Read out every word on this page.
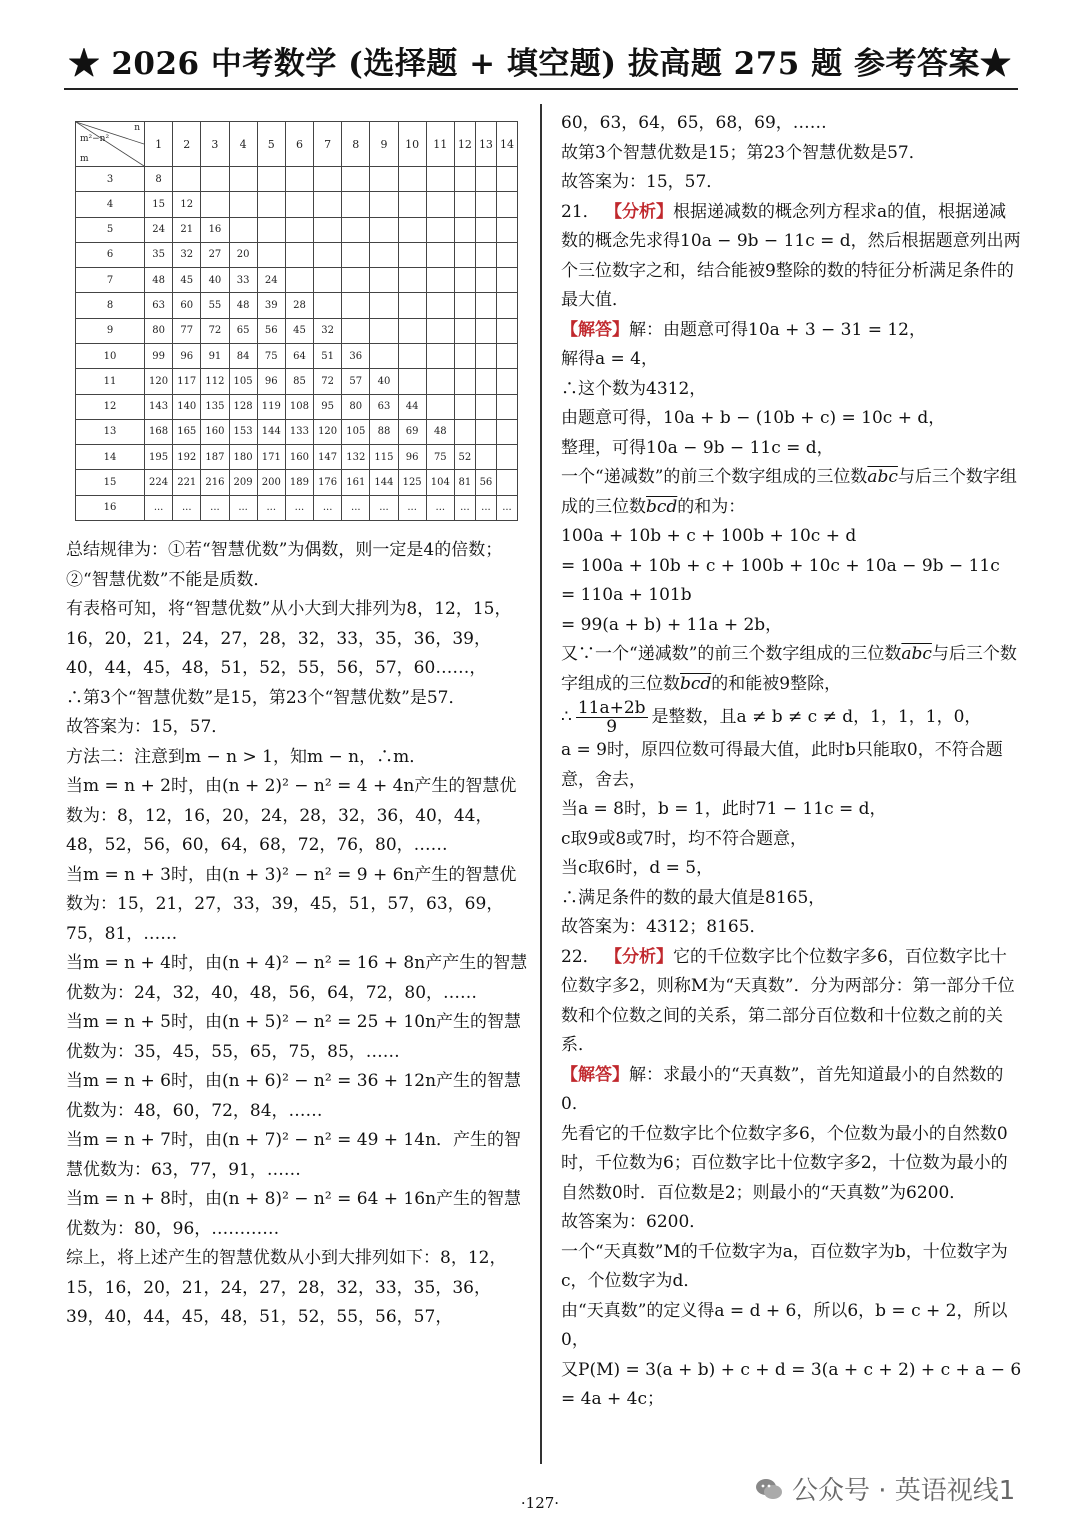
★ 2026 中考数学 (选择题 + 填空题) 拔高题 275 题 参考答案★
n
m²−n²
m	1	2	3	4	5	6	7	8	9	10	11	12	13	14
3	8													
4	15	12												
5	24	21	16											
6	35	32	27	20										
7	48	45	40	33	24									
8	63	60	55	48	39	28								
9	80	77	72	65	56	45	32							
10	99	96	91	84	75	64	51	36						
11	120	117	112	105	96	85	72	57	40					
12	143	140	135	128	119	108	95	80	63	44				
13	168	165	160	153	144	133	120	105	88	69	48			
14	195	192	187	180	171	160	147	132	115	96	75	52		
15	224	221	216	209	200	189	176	161	144	125	104	81	56	
16	...	...	...	...	...	...	...	...	...	...	...	...	...	...

总结规律为：①若“智慧优数”为偶数，则一定是4的倍数；

②“智慧优数”不能是质数．

有表格可知，将“智慧优数”从小大到大排列为8，12，15，16，20，21，24，27，28，32，33，35，36，39，40，44，45，48，51，52，55，56，57，60……，

∴第3个“智慧优数”是15，第23个“智慧优数”是57．

故答案为：15，57．

方法二：注意到m − n > 1，知m − n，∴m．

当m = n + 2时，由(n + 2)² − n² = 4 + 4n产生的智慧优数为：8，12，16，20，24，28，32，36，40，44，48，52，56，60，64，68，72，76，80，……

当m = n + 3时，由(n + 3)² − n² = 9 + 6n产生的智慧优数为：15，21，27，33，39，45，51，57，63，69，75，81，……

当m = n + 4时，由(n + 4)² − n² = 16 + 8n产产生的智慧优数为：24，32，40，48，56，64，72，80，……

当m = n + 5时，由(n + 5)² − n² = 25 + 10n产生的智慧优数为：35，45，55，65，75，85，……

当m = n + 6时，由(n + 6)² − n² = 36 + 12n产生的智慧优数为：48，60，72，84，……

当m = n + 7时，由(n + 7)² − n² = 49 + 14n．产生的智慧优数为：63，77，91，……

当m = n + 8时，由(n + 8)² − n² = 64 + 16n产生的智慧优数为：80，96，…………

综上，将上述产生的智慧优数从小到大排列如下：8，12，15，16，20，21，24，27，28，32，33，35，36，39，40，44，45，48，51，52，55，56，57，

60，63，64，65，68，69，……

故第3个智慧优数是15；第23个智慧优数是57．

故答案为：15，57．

21． 【分析】根据递减数的概念列方程求a的值，根据递减数的概念先求得10a − 9b − 11c = d，然后根据题意列出两个三位数字之和，结合能被9整除的数的特征分析满足条件的最大值．

【解答】解：由题意可得10a + 3 − 31 = 12，

解得a = 4，

∴这个数为4312，

由题意可得，10a + b − (10b + c) = 10c + d，

整理，可得10a − 9b − 11c = d，

一个“递减数”的前三个数字组成的三位数$\overline{abc}$与后三个数字组成的三位数$\overline{bcd}$的和为：

100a + 10b + c + 100b + 10c + d

= 100a + 10b + c + 100b + 10c + 10a − 9b − 11c

= 110a + 101b

= 99(a + b) + 11a + 2b，

又∵一个“递减数”的前三个数字组成的三位数$\overline{abc}$与后三个数字组成的三位数$\overline{bcd}$的和能被9整除，

∴ $\frac{11a+2b}{9}$ 是整数，且a ≠ b ≠ c ≠ d，1，1，1，0，

a = 9时，原四位数可得最大值，此时b只能取0，不符合题意，舍去，

当a = 8时，b = 1，此时71 − 11c = d，

c取9或8或7时，均不符合题意，

当c取6时，d = 5，

∴满足条件的数的最大值是8165，

故答案为：4312；8165．

22． 【分析】它的千位数字比个位数字多6，百位数字比十位数字多2，则称M为“天真数”．分为两部分：第一部分千位数和个位数之间的关系，第二部分百位数和十位数之前的关系．

【解答】解：求最小的“天真数”，首先知道最小的自然数的0．

先看它的千位数字比个位数字多6，个位数为最小的自然数0时，千位数为6；百位数字比十位数字多2，十位数为最小的自然数0时．百位数是2；则最小的“天真数”为6200．

故答案为：6200．

一个“天真数”M的千位数字为a，百位数字为b，十位数字为c，个位数字为d．

由“天真数”的定义得a = d + 6，所以6，b = c + 2，所以0，

又P(M) = 3(a + b) + c + d = 3(a + c + 2) + c + a − 6 = 4a + 4c；

公众号 · 英语视线1
·127·
